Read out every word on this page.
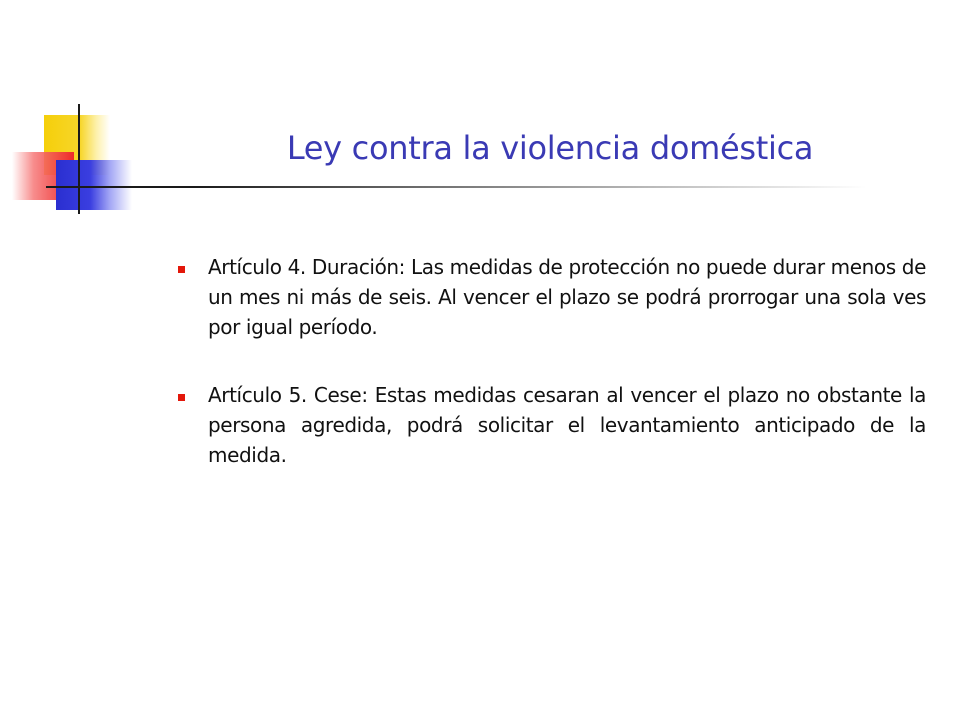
Ley contra la violencia doméstica
Artículo 4. Duración: Las medidas de protección no puede durar menos de un mes ni más de seis. Al vencer el plazo se podrá prorrogar una sola ves por igual período.
Artículo 5. Cese: Estas medidas cesaran al vencer el plazo no obstante la persona agredida, podrá solicitar el levantamiento anticipado de la medida.
